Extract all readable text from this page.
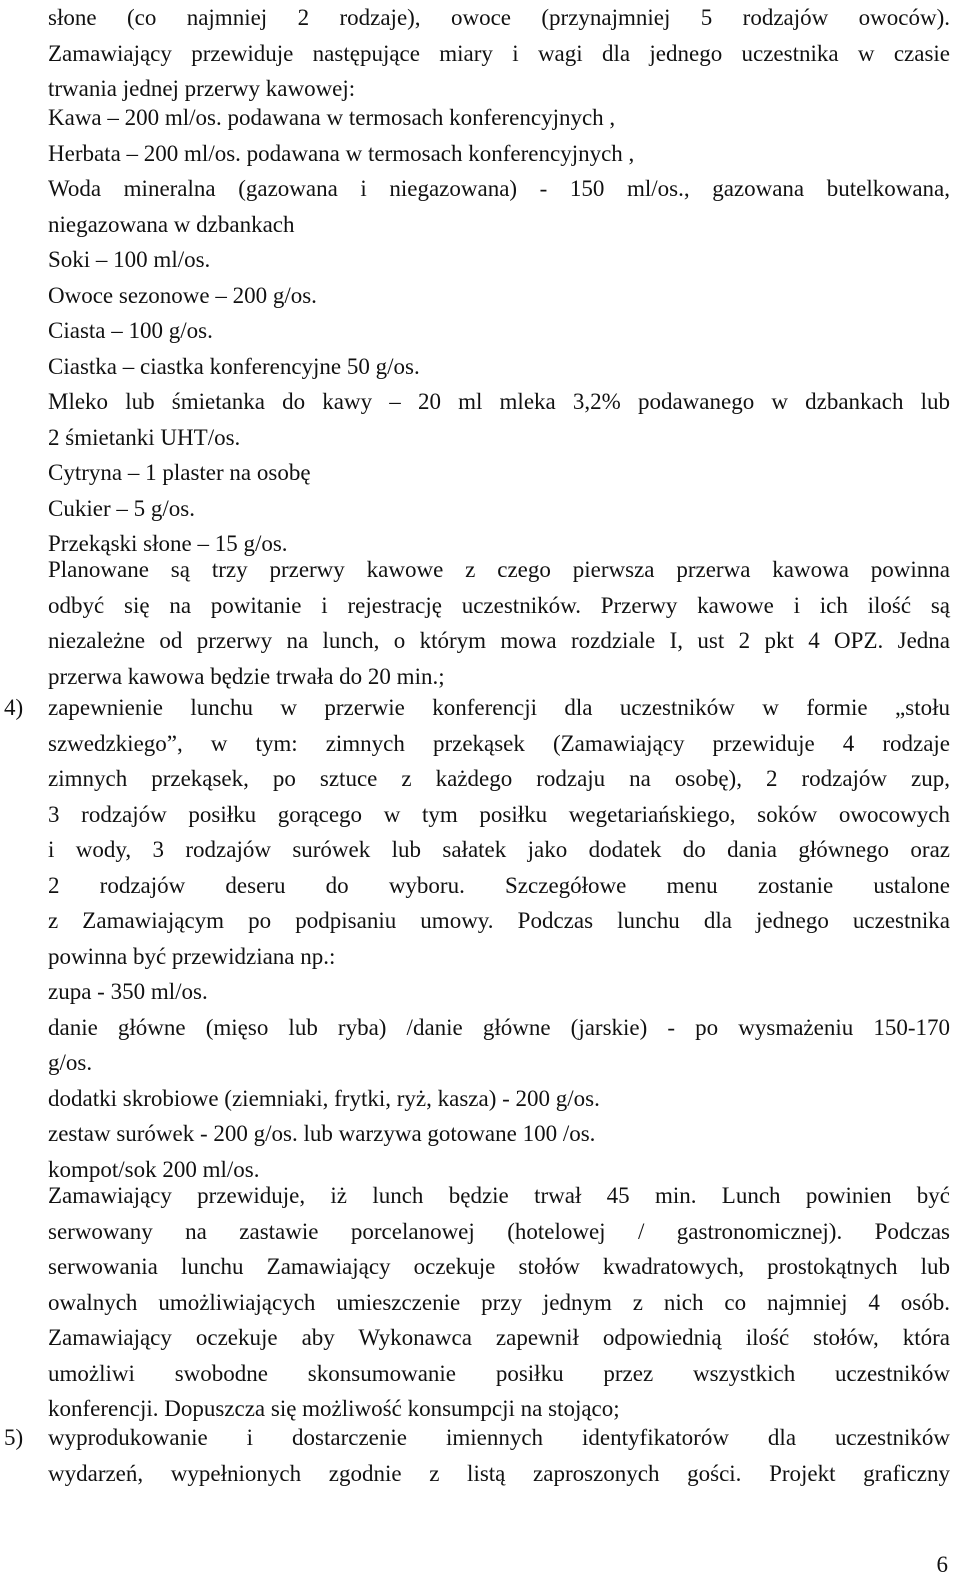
słone (co najmniej 2 rodzaje), owoce (przynajmniej 5 rodzajów owoców).
Zamawiający przewiduje następujące miary i wagi dla jednego uczestnika w czasie
trwania jednej przerwy kawowej:
Kawa – 200 ml/os. podawana w termosach konferencyjnych ,
Herbata – 200 ml/os. podawana w termosach konferencyjnych ,
Woda mineralna (gazowana i niegazowana) - 150 ml/os., gazowana butelkowana,
niegazowana w dzbankach
Soki – 100 ml/os.
Owoce sezonowe – 200 g/os.
Ciasta – 100 g/os.
Ciastka – ciastka konferencyjne 50 g/os.
Mleko lub śmietanka do kawy – 20 ml mleka 3,2% podawanego w dzbankach lub
2 śmietanki UHT/os.
Cytryna – 1 plaster na osobę
Cukier – 5 g/os.
Przekąski słone – 15 g/os.
Planowane są trzy przerwy kawowe z czego pierwsza przerwa kawowa powinna
odbyć się na powitanie i rejestrację uczestników. Przerwy kawowe i ich ilość są
niezależne od przerwy na lunch, o którym mowa rozdziale I, ust 2 pkt 4 OPZ. Jedna
przerwa kawowa będzie trwała do 20 min.;
4)	zapewnienie lunchu w przerwie konferencji dla uczestników w formie „stołu
szwedzkiego”, w tym: zimnych przekąsek (Zamawiający przewiduje 4 rodzaje
zimnych przekąsek, po sztuce z każdego rodzaju na osobę), 2 rodzajów zup,
3 rodzajów posiłku gorącego w tym posiłku wegetariańskiego, soków owocowych
i wody, 3 rodzajów surówek lub sałatek jako dodatek do dania głównego oraz
2 rodzajów deseru do wyboru. Szczegółowe menu zostanie ustalone
z Zamawiającym po podpisaniu umowy. Podczas lunchu dla jednego uczestnika
powinna być przewidziana np.:
zupa - 350 ml/os.
danie główne (mięso lub ryba) /danie główne (jarskie) - po wysmażeniu 150-170
g/os.
dodatki skrobiowe (ziemniaki, frytki, ryż, kasza) - 200 g/os.
zestaw surówek - 200 g/os. lub warzywa gotowane 100 /os.
kompot/sok 200 ml/os.
Zamawiający przewiduje, iż lunch będzie trwał 45 min. Lunch powinien być
serwowany na zastawie porcelanowej (hotelowej / gastronomicznej). Podczas
serwowania lunchu Zamawiający oczekuje stołów kwadratowych, prostokątnych lub
owalnych umożliwiających umieszczenie przy jednym z nich co najmniej 4 osób.
Zamawiający oczekuje aby Wykonawca zapewnił odpowiednią ilość stołów, która
umożliwi swobodne skonsumowanie posiłku przez wszystkich uczestników
konferencji. Dopuszcza się możliwość konsumpcji na stojąco;
5)	wyprodukowanie i dostarczenie imiennych identyfikatorów dla uczestników
wydarzeń, wypełnionych zgodnie z listą zaproszonych gości. Projekt graficzny
6
